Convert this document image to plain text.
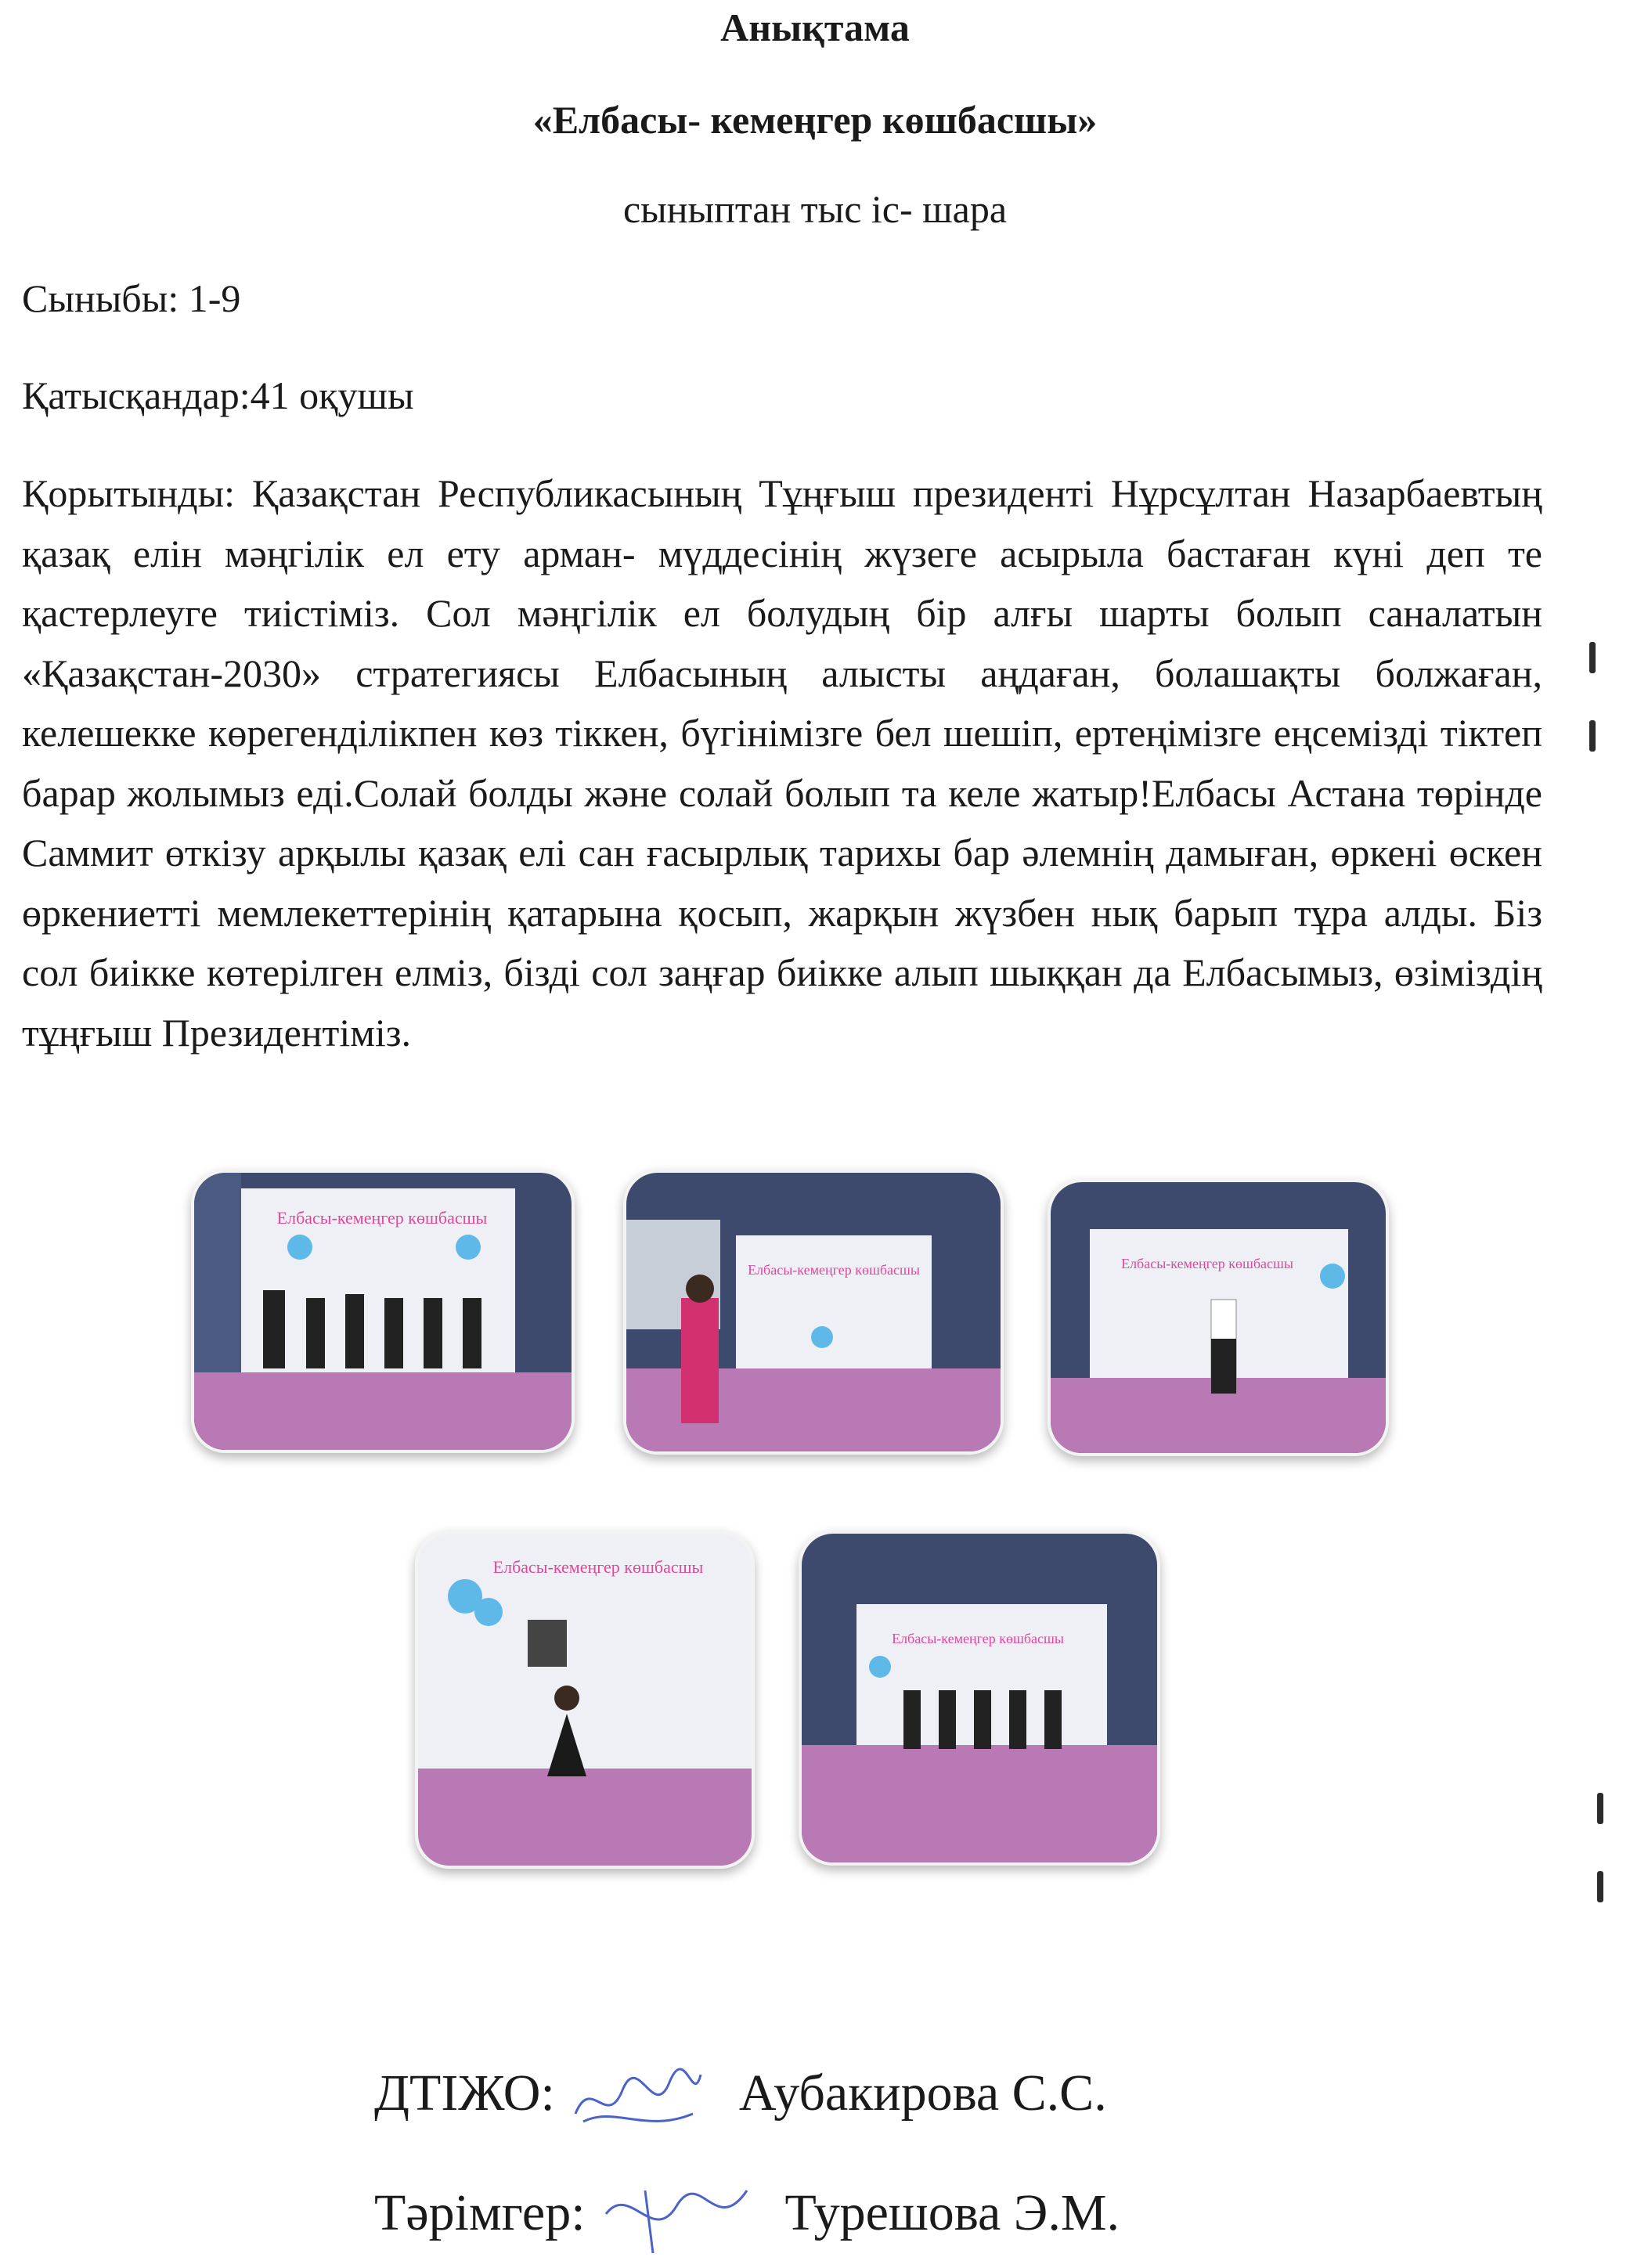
Анықтама
«Елбасы- кемеңгер көшбасшы»
сыныптан тыс іс- шара
Сыныбы: 1-9
Қатысқандар:41 оқушы

Қорытынды: Қазақстан Республикасының Тұңғыш президенті Нұрсұлтан Назарбаевтың қазақ елін мәңгілік ел ету арман- мүддесінің жүзеге асырыла бастаған күні деп те қастерлеуге тиістіміз. Сол мәңгілік ел болудың бір алғы шарты болып саналатын «Қазақстан-2030» стратегиясы Елбасының алысты аңдаған, болашақты болжаған, келешекке көрегенділікпен көз тіккен, бүгінімізге бел шешіп, ертеңімізге еңсемізді тіктеп барар жолымыз еді.Солай болды және солай болып та келе жатыр!Елбасы Астана төрінде Саммит өткізу арқылы қазақ елі сан ғасырлық тарихы бар әлемнің дамыған, өркені өскен өркениетті мемлекеттерінің қатарына қосып, жарқын жүзбен нық барып тұра алды. Біз сол биікке көтерілген елміз, бізді сол заңғар биікке алып шыққан да Елбасымыз, өзіміздің тұңғыш Президентіміз.

Елбасы-кемеңгер көшбасшы
Елбасы-кемеңгер көшбасшы	Елбасы-кемеңгер көшбасшы
Елбасы-кемеңгер көшбасшы
Елбасы-кемеңгер көшбасшы
ДТІЖО:	Аубакирова С.С.
Тәрімгер:	Турешова Э.М.
